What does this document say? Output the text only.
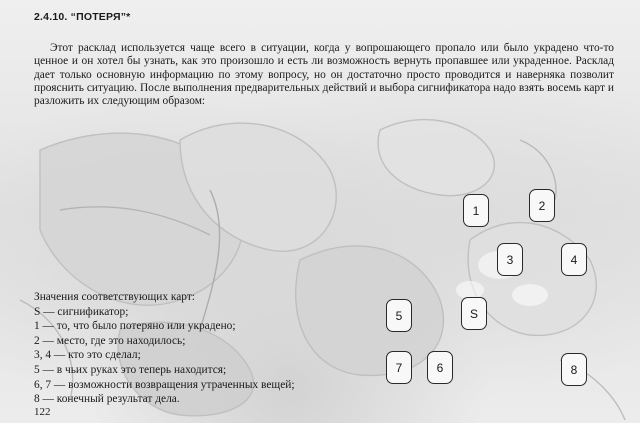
2.4.10. “ПОТЕРЯ”*

Этот расклад используется чаще всего в ситуации, когда у вопрошающего пропало или было украдено что-то ценное и он хотел бы узнать, как это произошло и есть ли возможность вернуть пропавшее или украденное. Расклад дает только основную информацию по этому вопросу, но он достаточно просто проводится и наверняка позволит прояснить ситуацию. После выполнения предварительных действий и выбора сигнификатора надо взять восемь карт и разложить их следующим образом:

Значения соответствующих карт:
S — сигнификатор;
1 — то, что было потеряно или украдено;
2 — место, где это находилось;
3, 4 — кто это сделал;
5 — в чьих руках это теперь находится;
6, 7 — возможности возвращения утраченных вещей;
8 — конечный результат дела.
1	2
3	4
5	S
7	6	8
122
